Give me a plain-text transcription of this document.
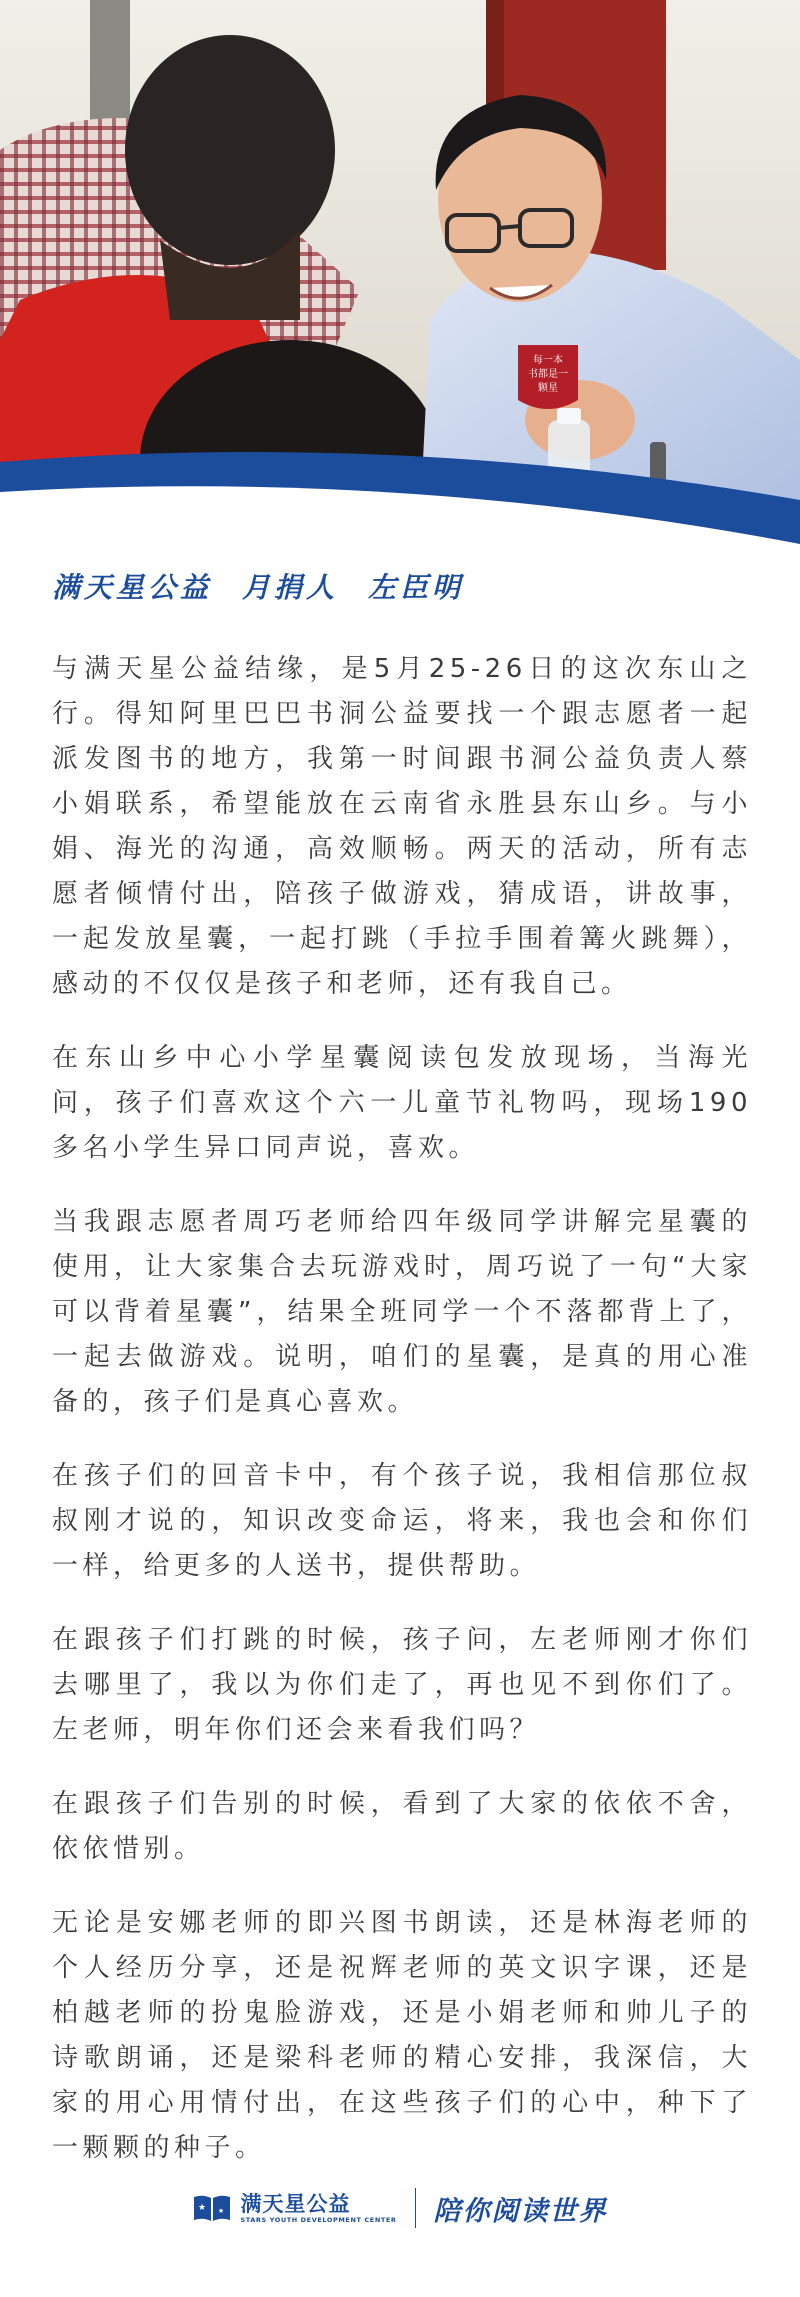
每一本
书都是一
颗星
满天星公益 月捐人 左臣明

与满天星公益结缘，是5月25-26日的这次东山之行。得知阿里巴巴书洞公益要找一个跟志愿者一起派发图书的地方，我第一时间跟书洞公益负责人蔡小娟联系，希望能放在云南省永胜县东山乡。与小娟、海光的沟通，高效顺畅。两天的活动，所有志愿者倾情付出，陪孩子做游戏，猜成语，讲故事，一起发放星囊，一起打跳（手拉手围着篝火跳舞），感动的不仅仅是孩子和老师，还有我自己。

在东山乡中心小学星囊阅读包发放现场，当海光问，孩子们喜欢这个六一儿童节礼物吗，现场190多名小学生异口同声说，喜欢。

当我跟志愿者周巧老师给四年级同学讲解完星囊的使用，让大家集合去玩游戏时，周巧说了一句“大家可以背着星囊”，结果全班同学一个不落都背上了，一起去做游戏。说明，咱们的星囊，是真的用心准备的，孩子们是真心喜欢。

在孩子们的回音卡中，有个孩子说，我相信那位叔叔刚才说的，知识改变命运，将来，我也会和你们一样，给更多的人送书，提供帮助。

在跟孩子们打跳的时候，孩子问，左老师刚才你们去哪里了，我以为你们走了，再也见不到你们了。左老师，明年你们还会来看我们吗？

在跟孩子们告别的时候，看到了大家的依依不舍，依依惜别。

无论是安娜老师的即兴图书朗读，还是林海老师的个人经历分享，还是祝辉老师的英文识字课，还是柏越老师的扮鬼脸游戏，还是小娟老师和帅儿子的诗歌朗诵，还是梁科老师的精心安排，我深信，大家的用心用情付出，在这些孩子们的心中，种下了一颗颗的种子。

★ ★ 满天星公益
STARS YOUTH DEVELOPMENT CENTER 陪你阅读世界
